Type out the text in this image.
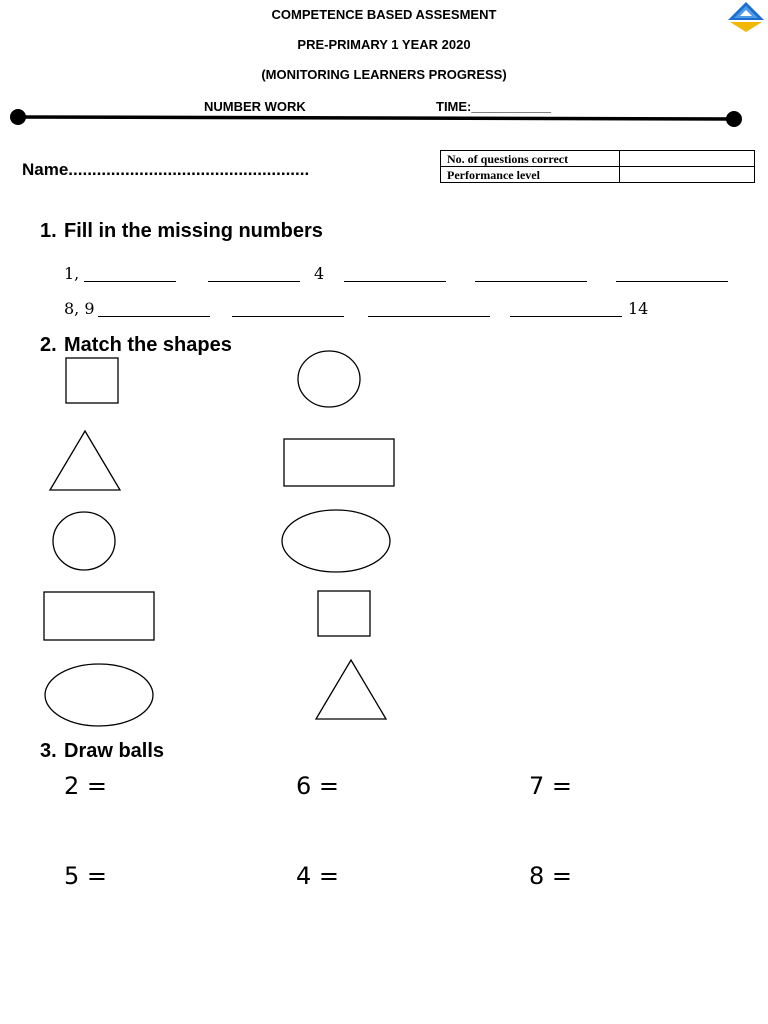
COMPETENCE BASED ASSESMENT
PRE-PRIMARY 1 YEAR 2020
(MONITORING LEARNERS PROGRESS)
NUMBER WORK	TIME:___________
Name...................................................
No. of questions correct	
Performance level	
1. Fill in the missing numbers
1,	4
8, 9	14
2. Match the shapes
3. Draw balls
2 =	6 =	7 =
5 =	4 =	8 =
